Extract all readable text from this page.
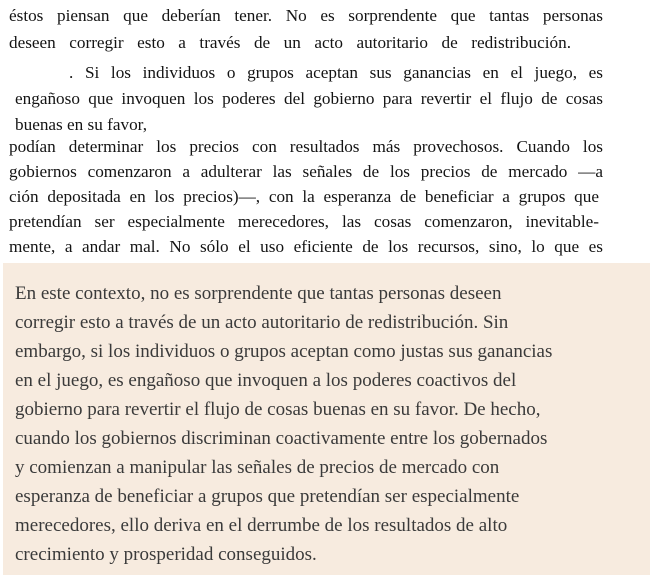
éstos piensan que deberían tener. No es sorprendente que tantas personas
deseen corregir esto a través de un acto autoritario de redistribución.
. Si los individuos o grupos aceptan sus ganancias en el juego, es
engañoso que invoquen los poderes del gobierno para revertir el flujo de cosas
buenas en su favor,
podían determinar los precios con resultados más provechosos. Cuando los
gobiernos comenzaron a adulterar las señales de los precios de mercado —a
ción depositada en los precios)—, con la esperanza de beneficiar a grupos que
pretendían ser especialmente merecedores, las cosas comenzaron, inevitable-
mente, a andar mal. No sólo el uso eficiente de los recursos, sino, lo que es
En este contexto, no es sorprendente que tantas personas deseen
corregir esto a través de un acto autoritario de redistribución. Sin
embargo, si los individuos o grupos aceptan como justas sus ganancias
en el juego, es engañoso que invoquen a los poderes coactivos del
gobierno para revertir el flujo de cosas buenas en su favor. De hecho,
cuando los gobiernos discriminan coactivamente entre los gobernados
y comienzan a manipular las señales de precios de mercado con
esperanza de beneficiar a grupos que pretendían ser especialmente
merecedores, ello deriva en el derrumbe de los resultados de alto
crecimiento y prosperidad conseguidos.
